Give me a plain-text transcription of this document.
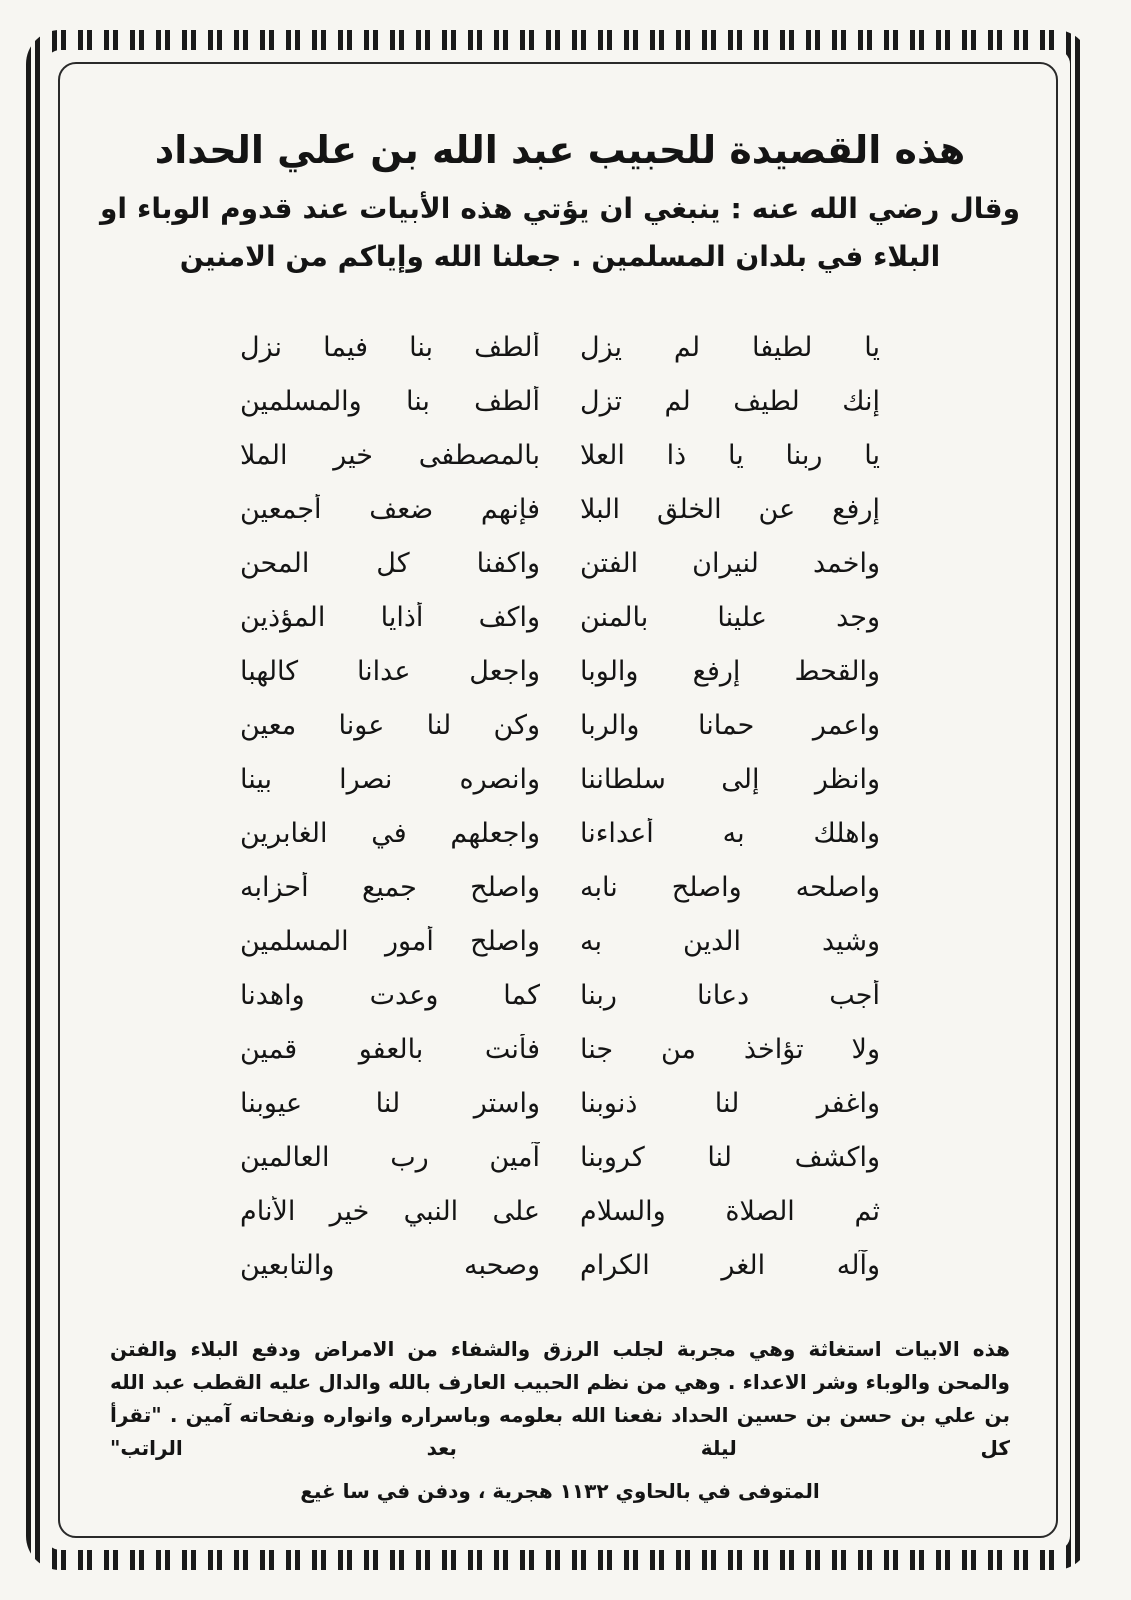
هذه القصيدة للحبيب عبد الله بن علي الحداد
وقال رضي الله عنه : ينبغي ان يؤتي هذه الأبيات عند قدوم الوباء او البلاء في بلدان المسلمين . جعلنا الله وإياكم من الامنين
يا لطيفا لم يزل
ألطف بنا فيما نزل
إنك لطيف لم تزل
ألطف بنا والمسلمين
يا ربنا يا ذا العلا
بالمصطفى خير الملا
إرفع عن الخلق البلا
فإنهم ضعف أجمعين
واخمد لنيران الفتن
واكفنا كل المحن
وجد علينا بالمنن
واكف أذايا المؤذين
والقحط إرفع والوبا
واجعل عدانا كالهبا
واعمر حمانا والربا
وكن لنا عونا معين
وانظر إلى سلطاننا
وانصره نصرا بينا
واهلك به أعداءنا
واجعلهم في الغابرين
واصلحه واصلح نابه
واصلح جميع أحزابه
وشيد الدين به
واصلح أمور المسلمين
أجب دعانا ربنا
كما وعدت واهدنا
ولا تؤاخذ من جنا
فأنت بالعفو قمين
واغفر لنا ذنوبنا
واستر لنا عيوبنا
واكشف لنا كروبنا
آمين رب العالمين
ثم الصلاة والسلام
على النبي خير الأنام
وآله الغر الكرام
وصحبه والتابعين
هذه الابيات استغاثة وهي مجربة لجلب الرزق والشفاء من الامراض ودفع البلاء والفتن والمحن والوباء وشر الاعداء . وهي من نظم الحبيب العارف بالله والدال عليه القطب عبد الله بن علي بن حسن بن حسين الحداد نفعنا الله بعلومه وباسراره وانواره ونفحاته آمين . "تقرأ كل ليلة بعد الراتب"
المتوفى في بالحاوي ١١٣٢ هجرية ، ودفن في سا غيع
